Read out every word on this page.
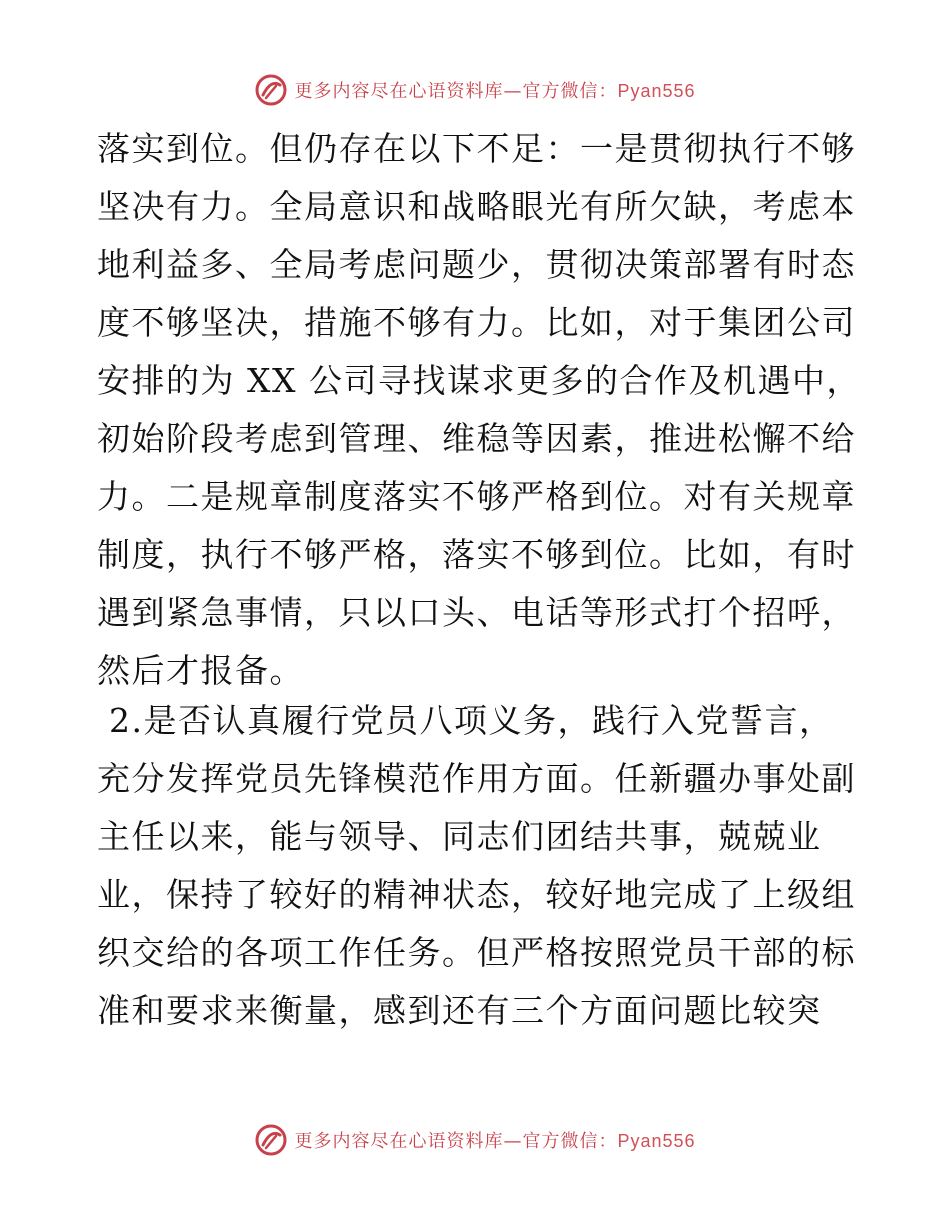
更多内容尽在心语资料库—官方微信：Pyan556
落实到位。但仍存在以下不足：一是贯彻执行不够
坚决有力。全局意识和战略眼光有所欠缺，考虑本
地利益多、全局考虑问题少，贯彻决策部署有时态
度不够坚决，措施不够有力。比如，对于集团公司
安排的为 XX 公司寻找谋求更多的合作及机遇中，
初始阶段考虑到管理、维稳等因素，推进松懈不给
力。二是规章制度落实不够严格到位。对有关规章
制度，执行不够严格，落实不够到位。比如，有时
遇到紧急事情，只以口头、电话等形式打个招呼，
然后才报备。
2.是否认真履行党员八项义务，践行入党誓言，
充分发挥党员先锋模范作用方面。任新疆办事处副
主任以来，能与领导、同志们团结共事，兢兢业
业，保持了较好的精神状态，较好地完成了上级组
织交给的各项工作任务。但严格按照党员干部的标
准和要求来衡量，感到还有三个方面问题比较突
更多内容尽在心语资料库—官方微信：Pyan556
